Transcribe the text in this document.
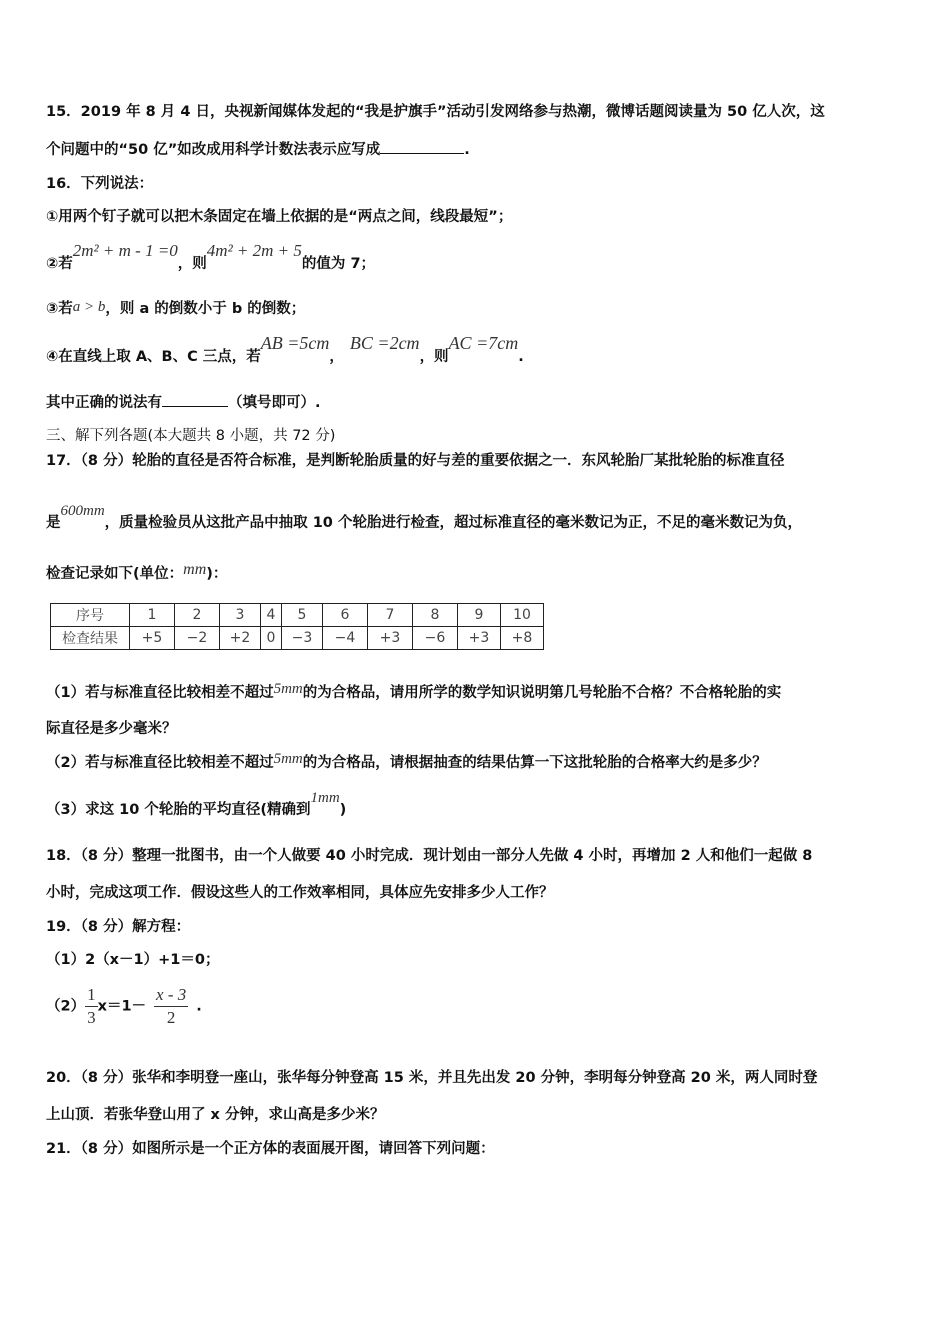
15．2019 年 8 月 4 日，央视新闻媒体发起的“我是护旗手”活动引发网络参与热潮，微博话题阅读量为 50 亿人次，这
个问题中的“50 亿”如改成用科学计数法表示应写成	.
16．下列说法：
①用两个钉子就可以把木条固定在墙上依据的是“两点之间，线段最短”；
②若2m² + m - 1 =0，则4m² + 2m + 5的值为 7；
③若a > b，则 a 的倒数小于 b 的倒数；
④在直线上取 A、B、C 三点，若AB =5cm，BC =2cm，则AC =7cm.
其中正确的说法有	（填号即可）.
三、解下列各题(本大题共 8 小题，共 72 分)
17．（8 分）轮胎的直径是否符合标准，是判断轮胎质量的好与差的重要依据之一．东风轮胎厂某批轮胎的标准直径
是600mm，质量检验员从这批产品中抽取 10 个轮胎进行检查，超过标准直径的毫米数记为正，不足的毫米数记为负，
检查记录如下(单位：mm)：
序号	1	2	3	4	5	6	7	8	9	10
检查结果	+5	−2	+2	0	−3	−4	+3	−6	+3	+8
（1）若与标准直径比较相差不超过5mm的为合格品，请用所学的数学知识说明第几号轮胎不合格？不合格轮胎的实
际直径是多少毫米？
（2）若与标准直径比较相差不超过5mm的为合格品，请根据抽查的结果估算一下这批轮胎的合格率大约是多少？
（3）求这 10 个轮胎的平均直径(精确到1mm)
18．（8 分）整理一批图书，由一个人做要 40 小时完成．现计划由一部分人先做 4 小时，再增加 2 人和他们一起做 8
小时，完成这项工作．假设这些人的工作效率相同，具体应先安排多少人工作？
19．（8 分）解方程：
（1）2（x－1）+1＝0；
$(2) \frac{1}{3} x=1- \frac{x - 3}{2}$ .
20．（8 分）张华和李明登一座山，张华每分钟登高 15 米，并且先出发 20 分钟，李明每分钟登高 20 米，两人同时登
上山顶．若张华登山用了 x 分钟，求山高是多少米？
21．（8 分）如图所示是一个正方体的表面展开图，请回答下列问题：
